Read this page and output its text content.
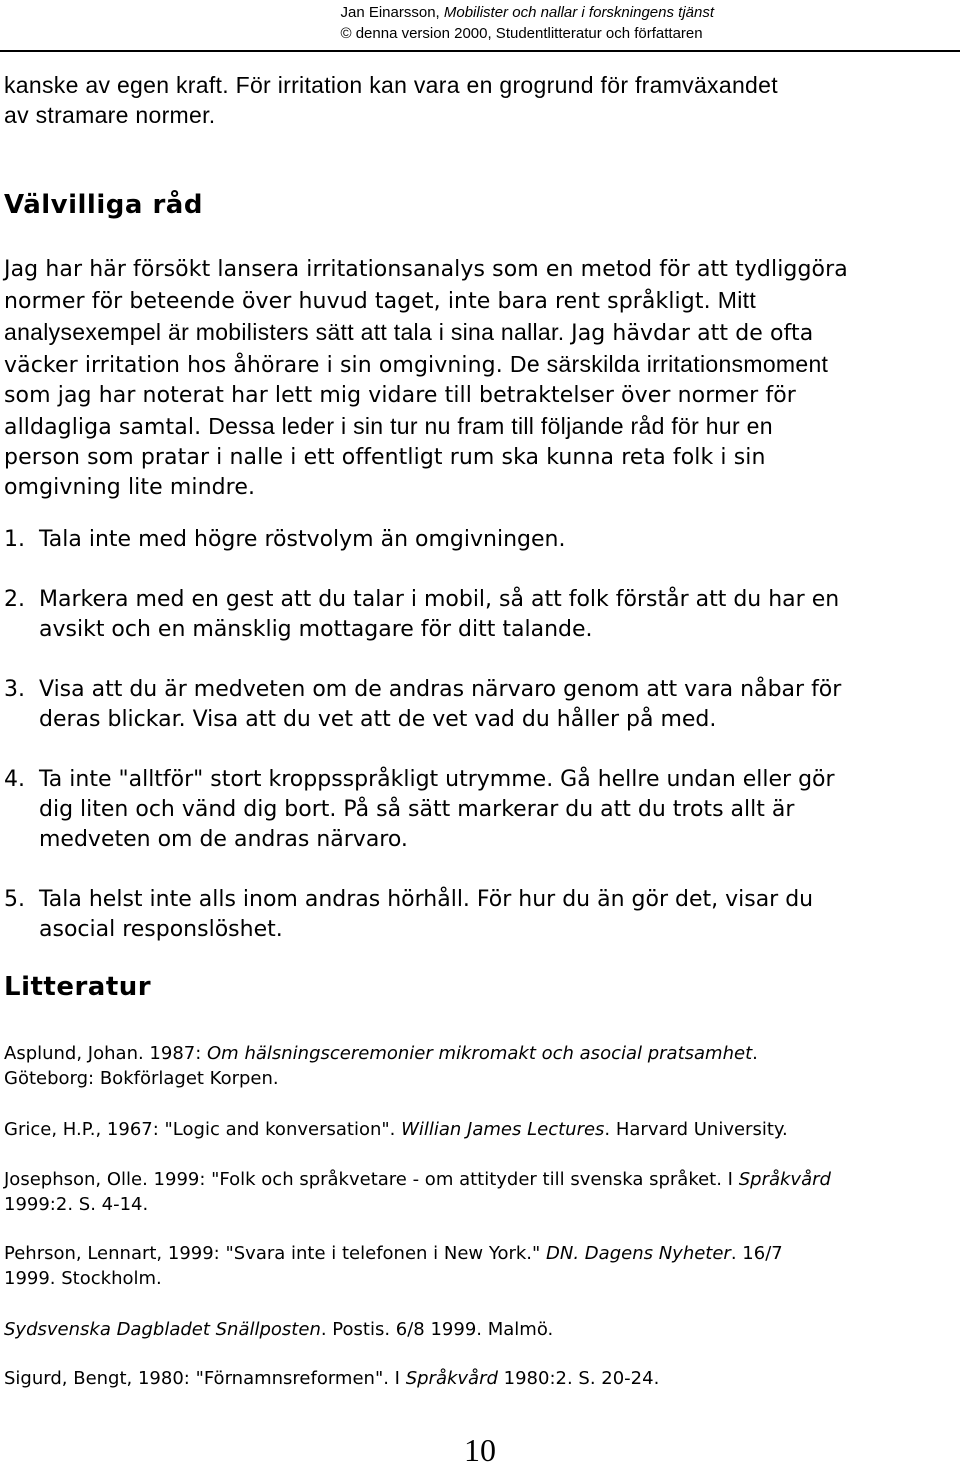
Jan Einarsson, Mobilister och nallar i forskningens tjänst
© denna version 2000, Studentlitteratur och författaren
kanske av egen kraft. För irritation kan vara en grogrund för framväxandet
av stramare normer.
Välvilliga råd
Jag har här försökt lansera irritationsanalys som en metod för att tydliggöra
normer för beteende över huvud taget, inte bara rent språkligt. Mitt
analysexempel är mobilisters sätt att tala i sina nallar. Jag hävdar att de ofta
väcker irritation hos åhörare i sin omgivning. De särskilda irritationsmoment
som jag har noterat har lett mig vidare till betraktelser över normer för
alldagliga samtal. Dessa leder i sin tur nu fram till följande råd för hur en
person som pratar i nalle i ett offentligt rum ska kunna reta folk i sin
omgivning lite mindre.
1. Tala inte med högre röstvolym än omgivningen.
2. Markera med en gest att du talar i mobil, så att folk förstår att du har en
avsikt och en mänsklig mottagare för ditt talande.
3. Visa att du är medveten om de andras närvaro genom att vara nåbar för
deras blickar. Visa att du vet att de vet vad du håller på med.
4. Ta inte "alltför" stort kroppsspråkligt utrymme. Gå hellre undan eller gör
dig liten och vänd dig bort. På så sätt markerar du att du trots allt är
medveten om de andras närvaro.
5. Tala helst inte alls inom andras hörhåll. För hur du än gör det, visar du
asocial responslöshet.
Litteratur
Asplund, Johan. 1987: Om hälsningsceremonier mikromakt och asocial pratsamhet.
Göteborg: Bokförlaget Korpen.
Grice, H.P., 1967: "Logic and konversation". Willian James Lectures. Harvard University.
Josephson, Olle. 1999: "Folk och språkvetare - om attityder till svenska språket. I Språkvård
1999:2. S. 4-14.
Pehrson, Lennart, 1999: "Svara inte i telefonen i New York." DN. Dagens Nyheter. 16/7
1999. Stockholm.
Sydsvenska Dagbladet Snällposten. Postis. 6/8 1999. Malmö.
Sigurd, Bengt, 1980: "Förnamnsreformen". I Språkvård 1980:2. S. 20-24.
10
